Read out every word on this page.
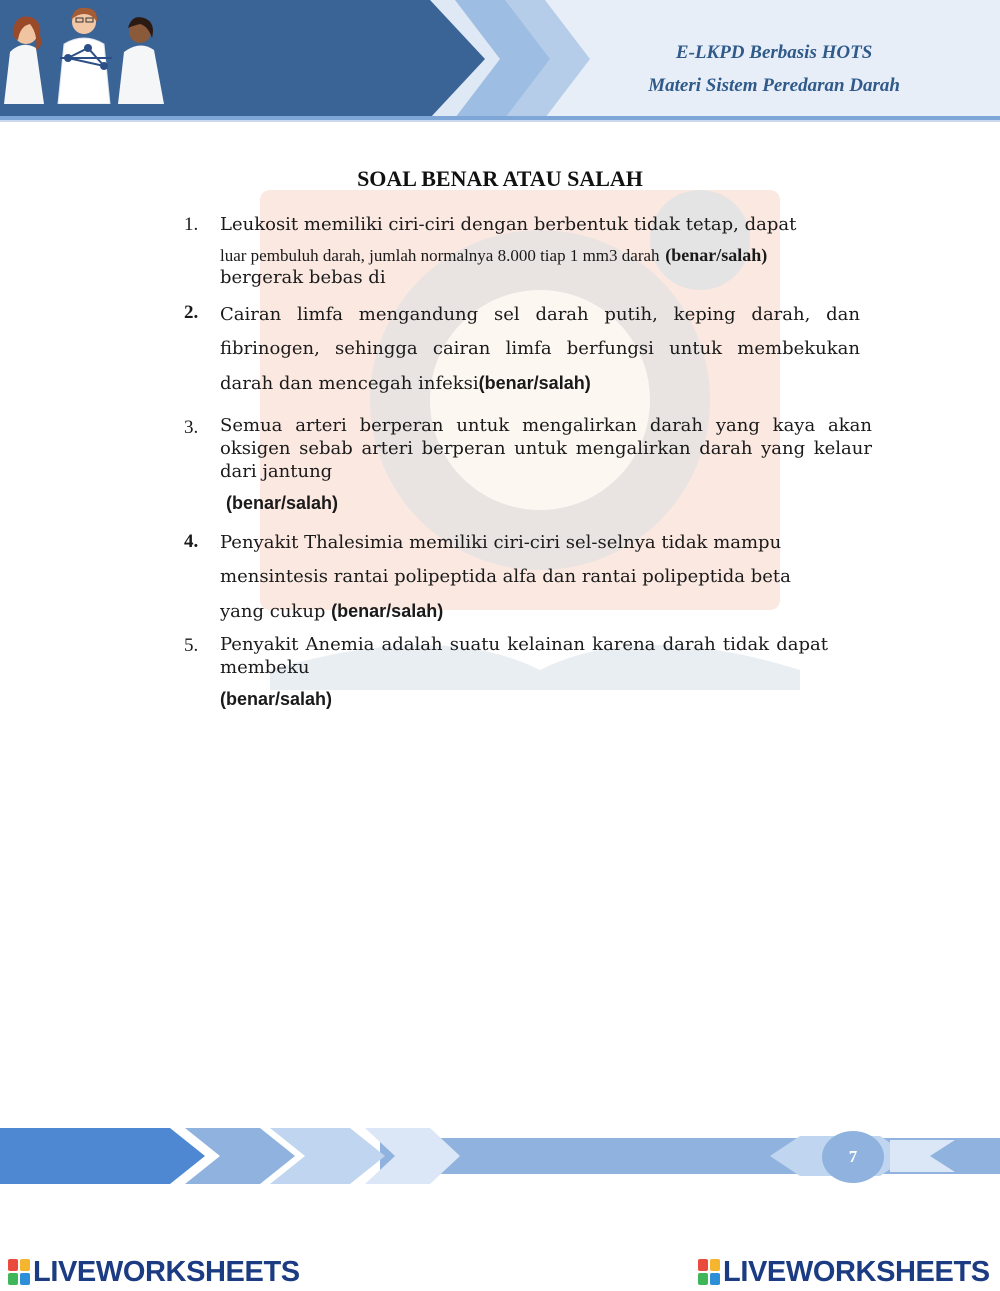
E-LKPD Berbasis HOTS
Materi Sistem Peredaran Darah
SOAL BENAR ATAU SALAH
1. Leukosit memiliki ciri-ciri dengan berbentuk tidak tetap, dapat
luar pembuluh darah, jumlah normalnya 8.000 tiap 1 mm3 darah (benar/salah)
bergerak bebas di
2. Cairan limfa mengandung sel darah putih, keping darah, dan fibrinogen, sehingga cairan limfa berfungsi untuk membekukan darah dan mencegah infeksi(benar/salah)
3. Semua arteri berperan untuk mengalirkan darah yang kaya akan oksigen sebab arteri berperan untuk mengalirkan darah yang kelaur dari jantung
(benar/salah)
4. Penyakit Thalesimia memiliki ciri-ciri sel-selnya tidak mampu mensintesis rantai polipeptida alfa dan rantai polipeptida beta yang cukup (benar/salah)
5. Penyakit Anemia adalah suatu kelainan karena darah tidak dapat membeku
(benar/salah)
7
LIVEWORKSHEETS	LIVEWORKSHEETS
